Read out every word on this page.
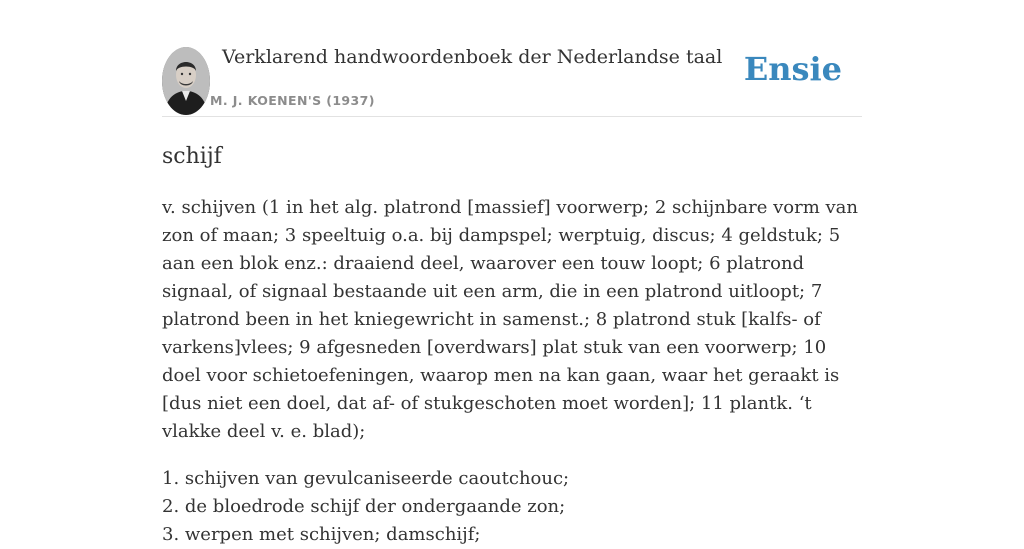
Verklarend handwoordenboek der Nederlandse taal
M. J. KOENEN'S (1937)
Ensie
schijf

v. schijven (1 in het alg. platrond [massief] voorwerp; 2 schijnbare vorm van zon of maan; 3 speeltuig o.a. bij dampspel; werptuig, discus; 4 geldstuk; 5 aan een blok enz.: draaiend deel, waarover een touw loopt; 6 platrond signaal, of signaal bestaande uit een arm, die in een platrond uitloopt; 7 platrond been in het kniegewricht in samenst.; 8 platrond stuk [kalfs- of varkens]vlees; 9 afgesneden [overdwars] plat stuk van een voorwerp; 10 doel voor schietoefeningen, waarop men na kan gaan, waar het geraakt is [dus niet een doel, dat af- of stukgeschoten moet worden]; 11 plantk. ‘t vlakke deel v. e. blad);

1. schijven van gevulcaniseerde caoutchouc;
2. de bloedrode schijf der ondergaande zon;
3. werpen met schijven; damschijf;
